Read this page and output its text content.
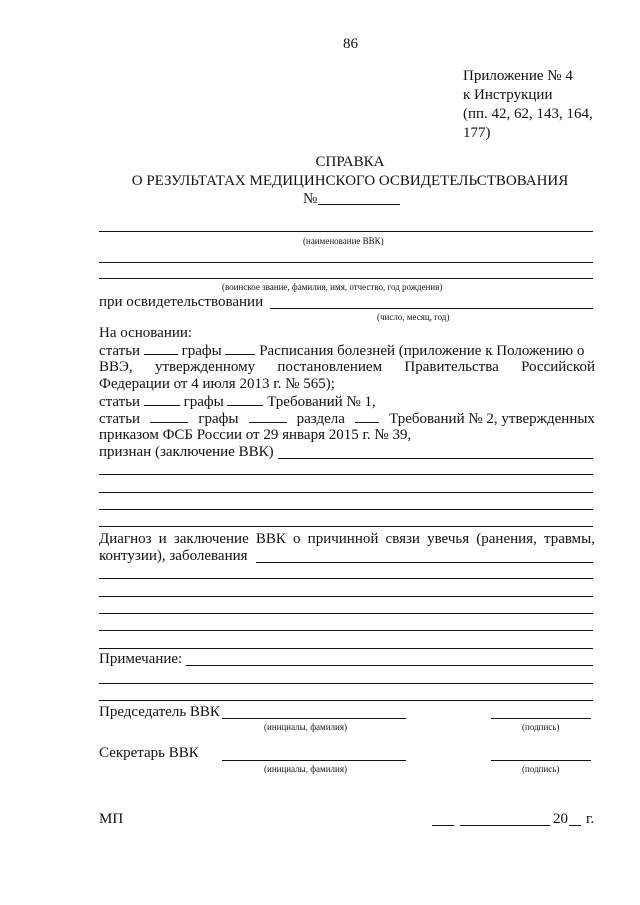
86
Приложение № 4
к Инструкции
(пп. 42, 62, 143, 164,
177)
СПРАВКА
О РЕЗУЛЬТАТАХ МЕДИЦИНСКОГО ОСВИДЕТЕЛЬСТВОВАНИЯ
№
(наименование ВВК)
(воинское звание, фамилия, имя, отчество, год рождения)
при освидетельствовании
(число, месяц, год)
На основании:
статьи	графы	Расписания болезней (приложение к Положению о
ВВЭ, утвержденному постановлением Правительства Российской
Федерации от 4 июля 2013 г. № 565);
статьи	графы	Требований № 1,
статьи	графы	раздела	Требований № 2, утвержденных
приказом ФСБ России от 29 января 2015 г. № 39,
признан (заключение ВВК)
Диагноз и заключение ВВК о причинной связи увечья (ранения, травмы,
контузии), заболевания
Примечание:
Председатель ВВК
(инициалы, фамилия)	(подпись)
Секретарь ВВК
(инициалы, фамилия)	(подпись)
МП	20 г.
